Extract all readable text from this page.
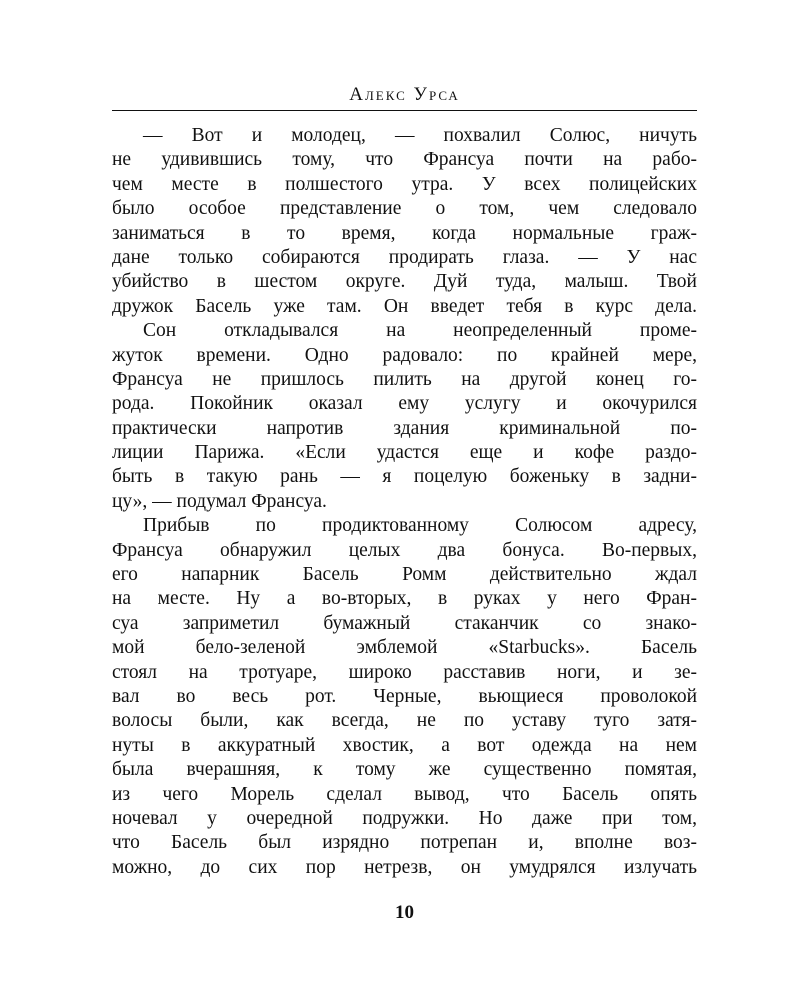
Алекс Урса
— Вот и молодец, — похвалил Солюс, ничуть
не удивившись тому, что Франсуа почти на рабо-
чем месте в полшестого утра. У всех полицейских
было особое представление о том, чем следовало
заниматься в то время, когда нормальные граж-
дане только собираются продирать глаза. — У нас
убийство в шестом округе. Дуй туда, малыш. Твой
дружок Басель уже там. Он введет тебя в курс дела.
Сон откладывался на неопределенный проме-
жуток времени. Одно радовало: по крайней мере,
Франсуа не пришлось пилить на другой конец го-
рода. Покойник оказал ему услугу и окочурился
практически напротив здания криминальной по-
лиции Парижа. «Если удастся еще и кофе раздо-
быть в такую рань — я поцелую боженьку в задни-
цу», — подумал Франсуа.
Прибыв по продиктованному Солюсом адресу,
Франсуа обнаружил целых два бонуса. Во-первых,
его напарник Басель Ромм действительно ждал
на месте. Ну а во-вторых, в руках у него Фран-
суа заприметил бумажный стаканчик со знако-
мой бело-зеленой эмблемой «Starbucks». Басель
стоял на тротуаре, широко расставив ноги, и зе-
вал во весь рот. Черные, вьющиеся проволокой
волосы были, как всегда, не по уставу туго затя-
нуты в аккуратный хвостик, а вот одежда на нем
была вчерашняя, к тому же существенно помятая,
из чего Морель сделал вывод, что Басель опять
ночевал у очередной подружки. Но даже при том,
что Басель был изрядно потрепан и, вполне воз-
можно, до сих пор нетрезв, он умудрялся излучать
10
